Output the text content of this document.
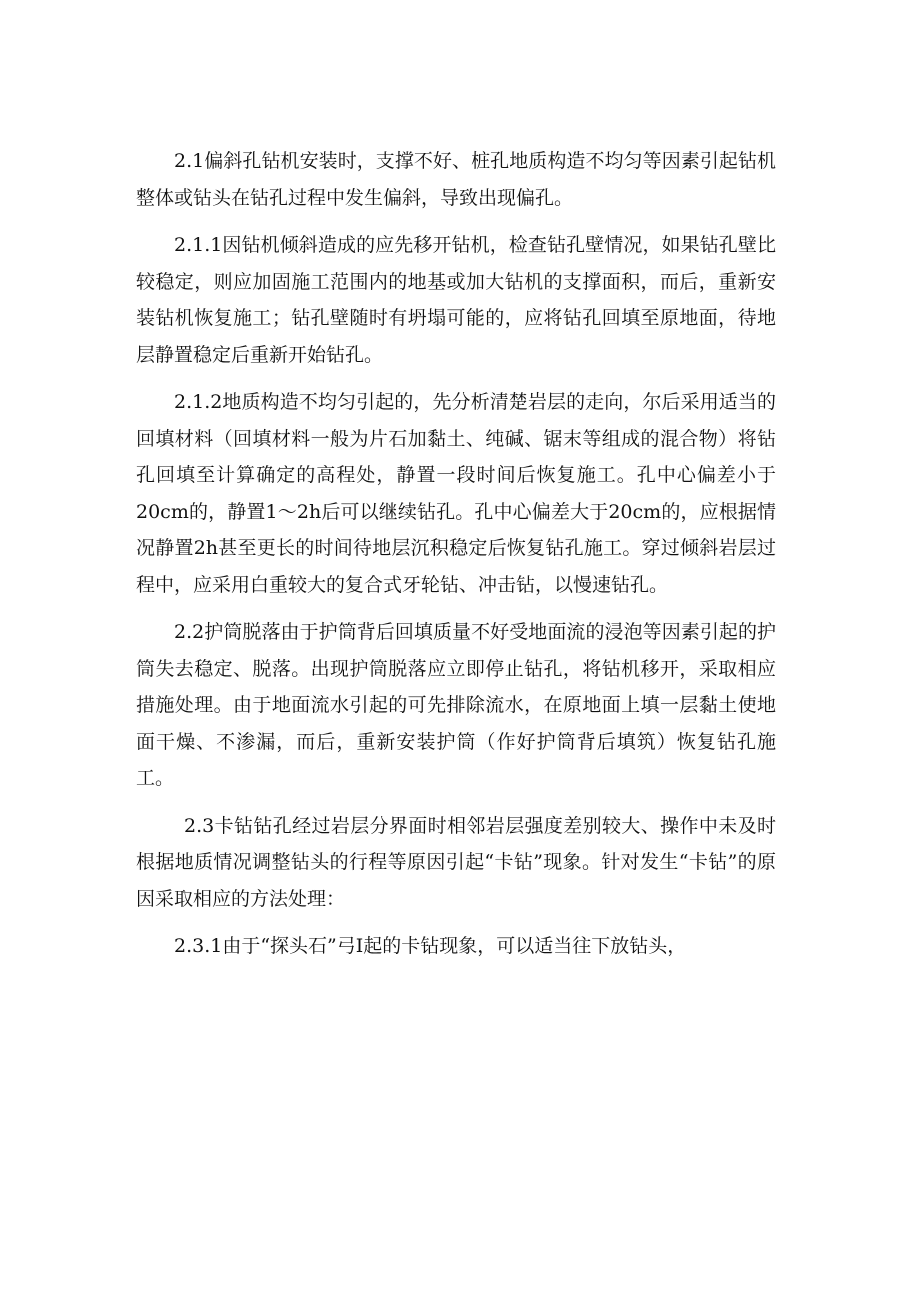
2.1偏斜孔钻机安装时，支撑不好、桩孔地质构造不均匀等因素引起钻机整体或钻头在钻孔过程中发生偏斜，导致出现偏孔。

2.1.1因钻机倾斜造成的应先移开钻机，检查钻孔壁情况，如果钻孔壁比较稳定，则应加固施工范围内的地基或加大钻机的支撑面积，而后，重新安装钻机恢复施工；钻孔壁随时有坍塌可能的，应将钻孔回填至原地面，待地层静置稳定后重新开始钻孔。

2.1.2地质构造不均匀引起的，先分析清楚岩层的走向，尔后采用适当的回填材料（回填材料一般为片石加黏土、纯碱、锯末等组成的混合物）将钻孔回填至计算确定的高程处，静置一段时间后恢复施工。孔中心偏差小于20cm的，静置1～2h后可以继续钻孔。孔中心偏差大于20cm的，应根据情况静置2h甚至更长的时间待地层沉积稳定后恢复钻孔施工。穿过倾斜岩层过程中，应采用白重较大的复合式牙轮钻、冲击钻，以慢速钻孔。

2.2护筒脱落由于护筒背后回填质量不好受地面流的浸泡等因素引起的护筒失去稳定、脱落。出现护筒脱落应立即停止钻孔，将钻机移开，采取相应措施处理。由于地面流水引起的可先排除流水，在原地面上填一层黏土使地面干燥、不渗漏，而后，重新安装护筒（作好护筒背后填筑）恢复钻孔施工。

2.3卡钻钻孔经过岩层分界面时相邻岩层强度差别较大、操作中未及时根据地质情况调整钻头的行程等原因引起“卡钻”现象。针对发生“卡钻”的原因采取相应的方法处理：

2.3.1由于“探头石”弓I起的卡钻现象，可以适当往下放钻头，
